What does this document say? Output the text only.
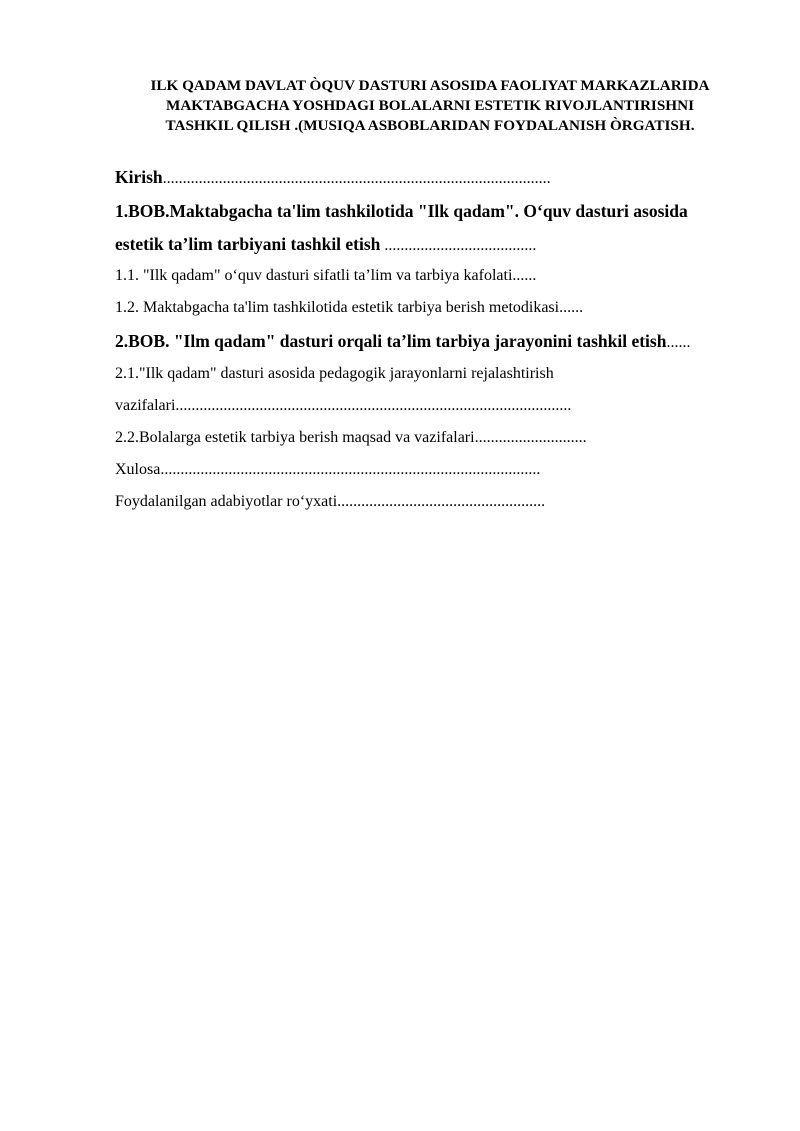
ILK QADAM DAVLAT ÒQUV DASTURI ASOSIDA FAOLIYAT MARKAZLARIDA
MAKTABGACHA YOSHDAGI BOLALARNI ESTETIK RIVOJLANTIRISHNI
TASHKIL QILISH .(MUSIQA ASBOBLARIDAN FOYDALANISH ÒRGATISH.
Kirish.................................................................................................
1.BOB.Maktabgacha ta'lim tashkilotida "Ilk qadam". O‘quv dasturi asosida
estetik ta’lim tarbiyani tashkil etish ......................................
1.1. "Ilk qadam" o‘quv dasturi sifatli ta’lim va tarbiya kafolati......
1.2. Maktabgacha ta'lim tashkilotida estetik tarbiya berish metodikasi......
2.BOB. "Ilm qadam" dasturi orqali ta’lim tarbiya jarayonini tashkil etish......
2.1."Ilk qadam" dasturi asosida pedagogik jarayonlarni rejalashtirish
vazifalari...................................................................................................
2.2.Bolalarga estetik tarbiya berish maqsad va vazifalari............................
Xulosa...............................................................................................
Foydalanilgan adabiyotlar ro‘yxati....................................................
